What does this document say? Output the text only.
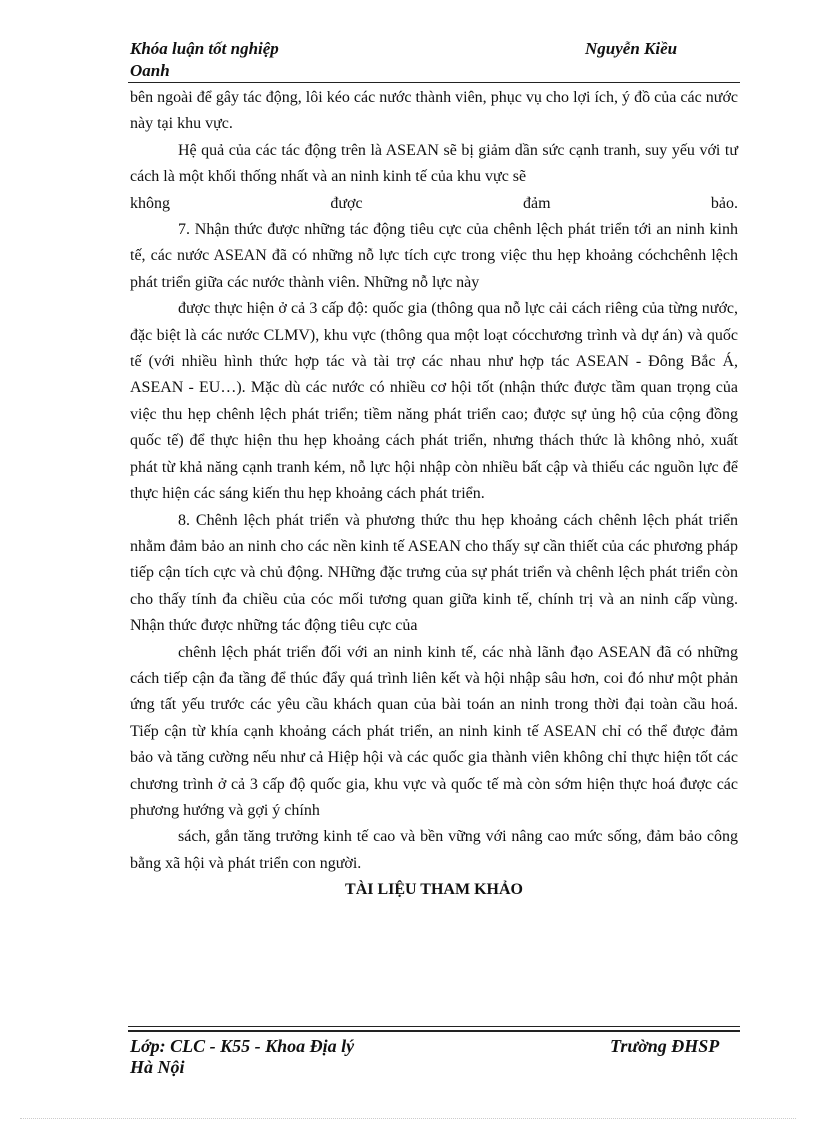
Khóa luận tốt nghiệp	Nguyễn Kiều
Oanh

bên ngoài để gây tác động, lôi kéo các nước thành viên, phục vụ cho lợi ích, ý đồ của các nước này tại khu vực.

Hệ quả của các tác động trên là ASEAN sẽ bị giảm dần sức cạnh tranh, suy yếu với tư cách là một khối thống nhất và an ninh kinh tế của khu vực sẽ

không được đảm bảo.

7. Nhận thức được những tác động tiêu cực của chênh lệch phát triển tới an ninh kinh tế, các nước ASEAN đã có những nỗ lực tích cực trong việc thu hẹp khoảng cóchchênh lệch phát triển giữa các nước thành viên. Những nỗ lực này

được thực hiện ở cả 3 cấp độ: quốc gia (thông qua nỗ lực cải cách riêng của từng nước, đặc biệt là các nước CLMV), khu vực (thông qua một loạt cócchương trình và dự án) và quốc tế (với nhiều hình thức hợp tác và tài trợ các nhau như hợp tác ASEAN - Đông Bắc Á, ASEAN - EU…). Mặc dù các nước có nhiều cơ hội tốt (nhận thức được tầm quan trọng của việc thu hẹp chênh lệch phát triển; tiềm năng phát triển cao; được sự ủng hộ của cộng đồng quốc tế) để thực hiện thu hẹp khoảng cách phát triển, nhưng thách thức là không nhỏ, xuất phát từ khả năng cạnh tranh kém, nỗ lực hội nhập còn nhiều bất cập và thiếu các nguồn lực để thực hiện các sáng kiến thu hẹp khoảng cách phát triển.

8. Chênh lệch phát triển và phương thức thu hẹp khoảng cách chênh lệch phát triển nhằm đảm bảo an ninh cho các nền kinh tế ASEAN cho thấy sự cần thiết của các phương pháp tiếp cận tích cực và chủ động. NHững đặc trưng của sự phát triển và chênh lệch phát triển còn cho thấy tính đa chiều của cóc mối tương quan giữa kinh tế, chính trị và an ninh cấp vùng. Nhận thức được những tác động tiêu cực của

chênh lệch phát triển đối với an ninh kinh tế, các nhà lãnh đạo ASEAN đã có những cách tiếp cận đa tầng để thúc đẩy quá trình liên kết và hội nhập sâu hơn, coi đó như một phản ứng tất yếu trước các yêu cầu khách quan của bài toán an ninh trong thời đại toàn cầu hoá. Tiếp cận từ khía cạnh khoảng cách phát triển, an ninh kinh tế ASEAN chỉ có thể được đảm bảo và tăng cường nếu như cả Hiệp hội và các quốc gia thành viên không chỉ thực hiện tốt các chương trình ở cả 3 cấp độ quốc gia, khu vực và quốc tế mà còn sớm hiện thực hoá được các phương hướng và gợi ý chính

sách, gắn tăng trưởng kinh tế cao và bền vững với nâng cao mức sống, đảm bảo công bằng xã hội và phát triển con người.

TÀI LIỆU THAM KHẢO

Lớp: CLC - K55 - Khoa Địa lý	Trường ĐHSP
Hà Nội
